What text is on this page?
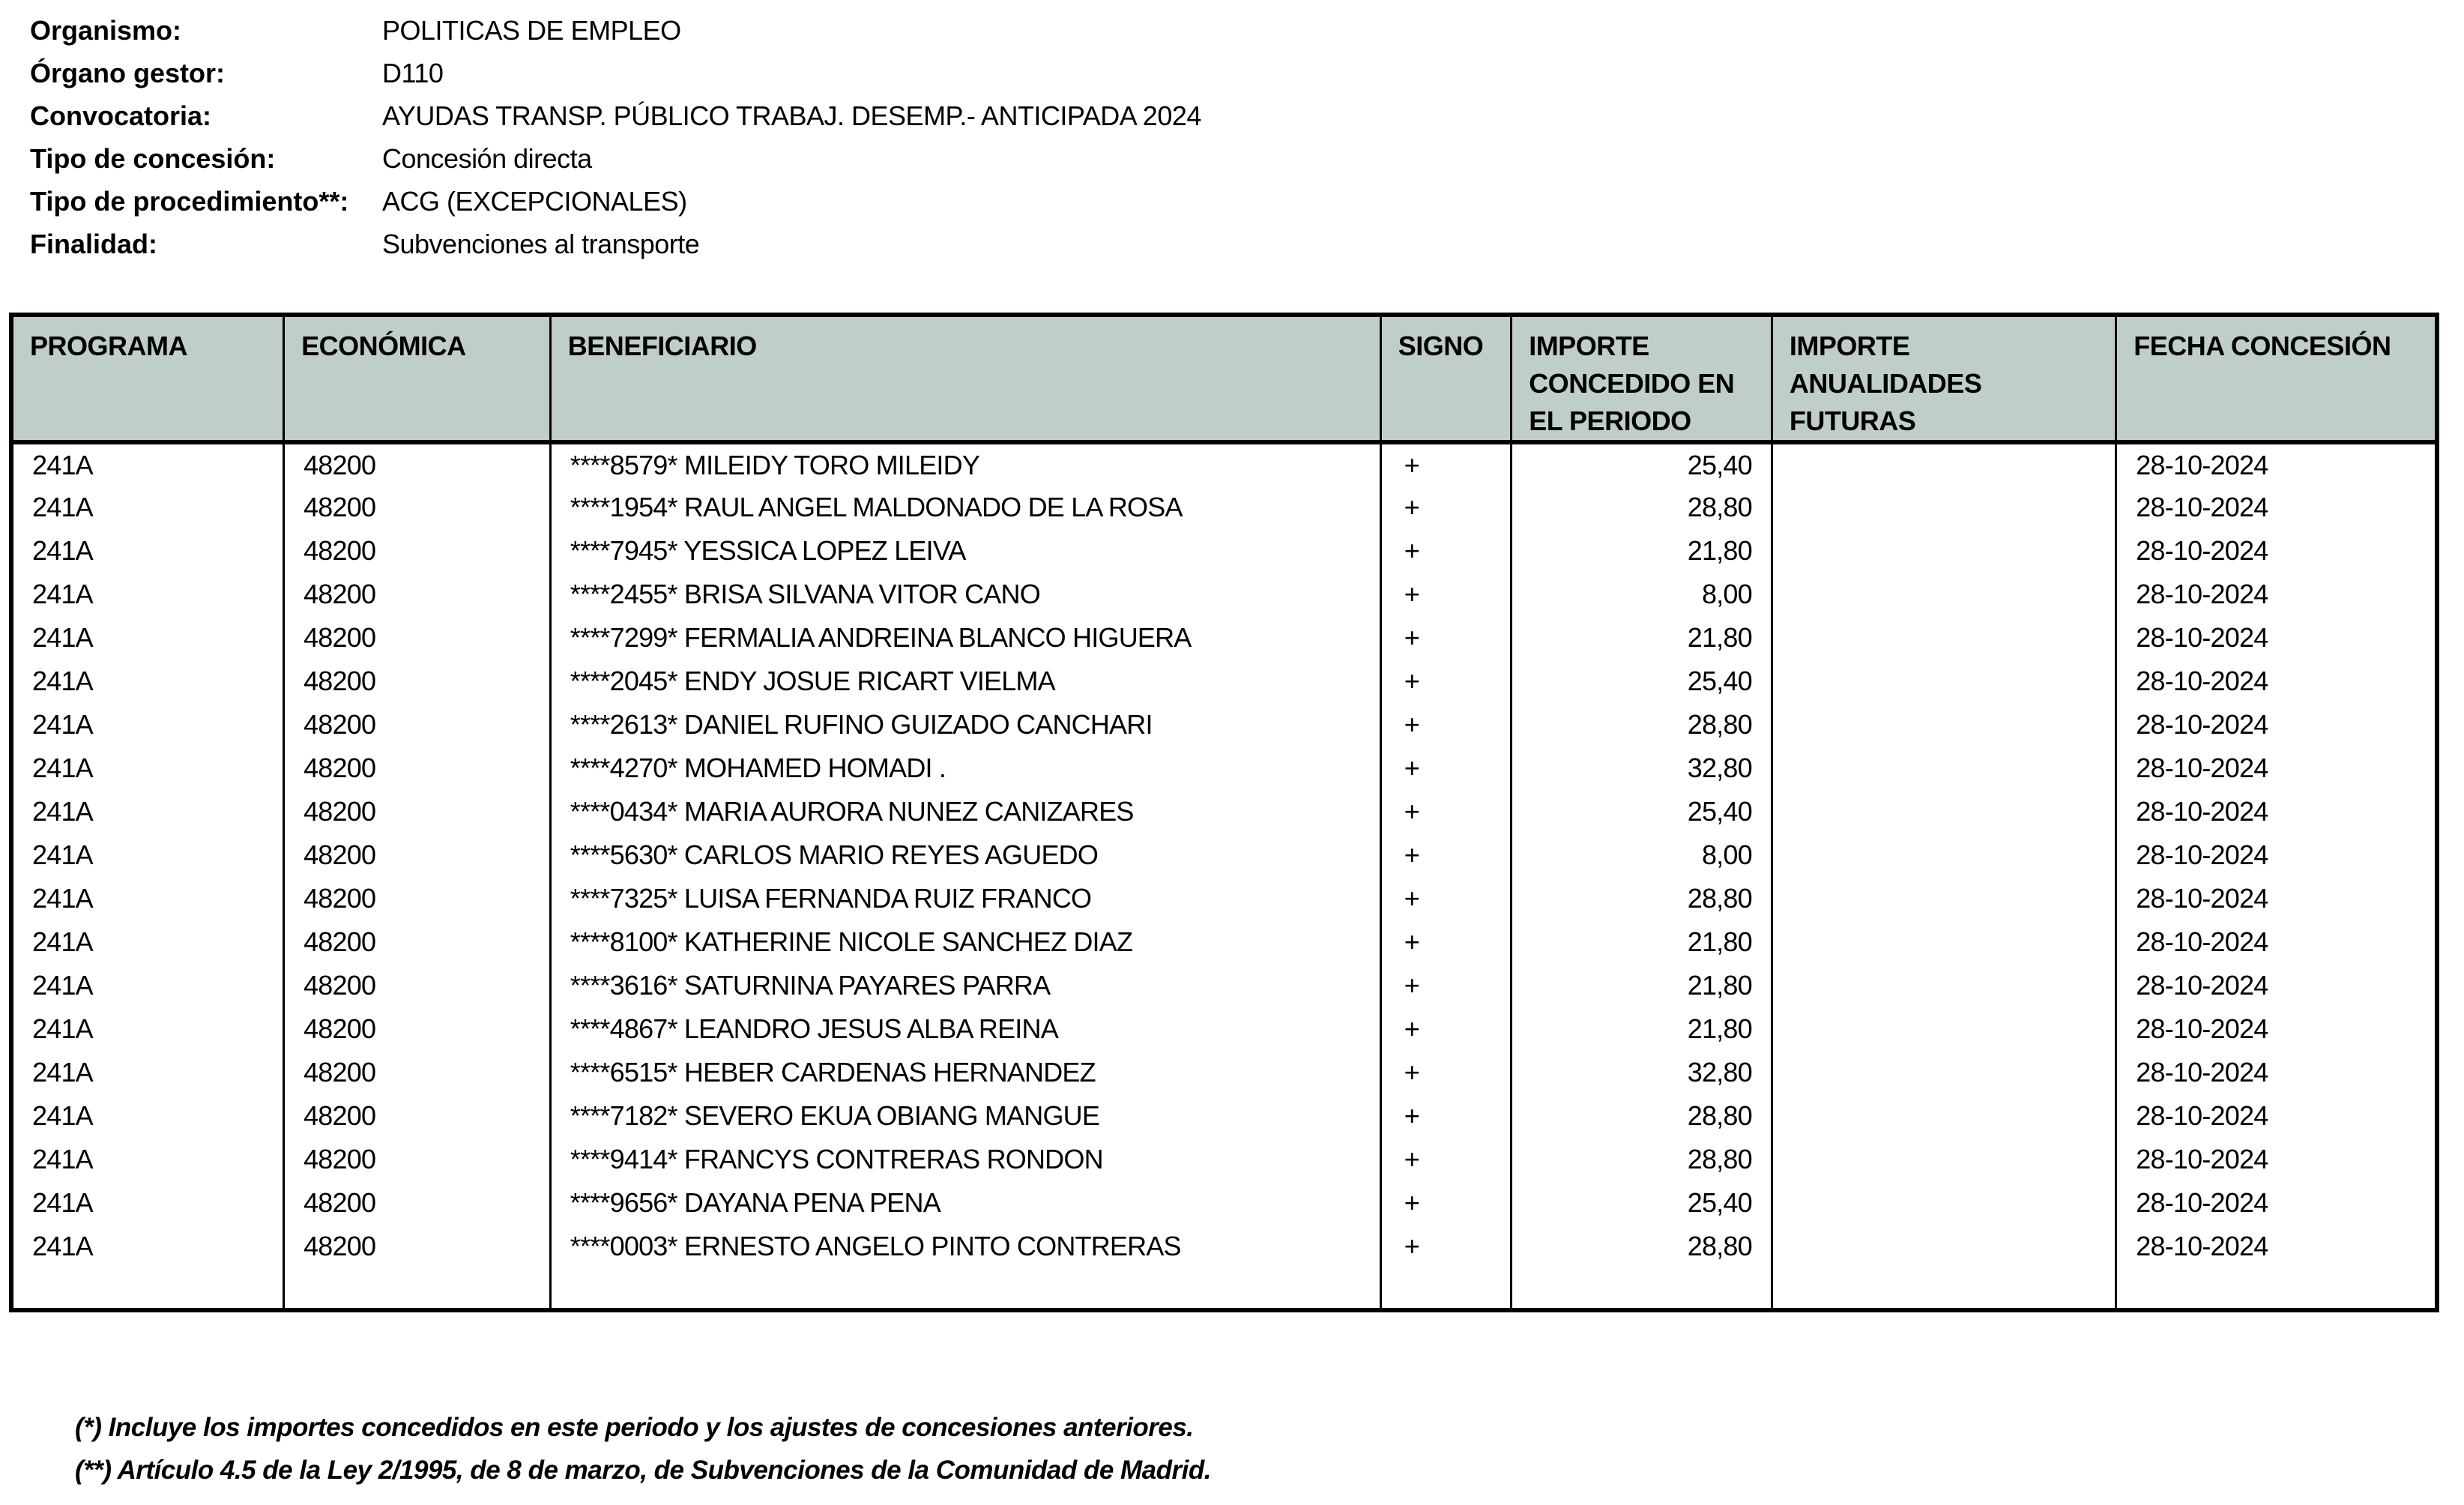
Organismo:	POLITICAS DE EMPLEO
Órgano gestor:	D110
Convocatoria:	AYUDAS TRANSP. PÚBLICO TRABAJ. DESEMP.- ANTICIPADA 2024
Tipo de concesión:	Concesión directa
Tipo de procedimiento**:	ACG (EXCEPCIONALES)
Finalidad:	Subvenciones al transporte
PROGRAMA	ECONÓMICA	BENEFICIARIO	SIGNO	IMPORTE CONCEDIDO EN EL PERIODO	IMPORTE ANUALIDADES FUTURAS	FECHA CONCESIÓN
241A	48200	****8579* MILEIDY TORO MILEIDY	+	25,40		28-10-2024
241A	48200	****1954* RAUL ANGEL MALDONADO DE LA ROSA	+	28,80		28-10-2024
241A	48200	****7945* YESSICA LOPEZ LEIVA	+	21,80		28-10-2024
241A	48200	****2455* BRISA SILVANA VITOR CANO	+	8,00		28-10-2024
241A	48200	****7299* FERMALIA ANDREINA BLANCO HIGUERA	+	21,80		28-10-2024
241A	48200	****2045* ENDY JOSUE RICART VIELMA	+	25,40		28-10-2024
241A	48200	****2613* DANIEL RUFINO GUIZADO CANCHARI	+	28,80		28-10-2024
241A	48200	****4270* MOHAMED HOMADI .	+	32,80		28-10-2024
241A	48200	****0434* MARIA AURORA NUNEZ CANIZARES	+	25,40		28-10-2024
241A	48200	****5630* CARLOS MARIO REYES AGUEDO	+	8,00		28-10-2024
241A	48200	****7325* LUISA FERNANDA RUIZ FRANCO	+	28,80		28-10-2024
241A	48200	****8100* KATHERINE NICOLE SANCHEZ DIAZ	+	21,80		28-10-2024
241A	48200	****3616* SATURNINA PAYARES PARRA	+	21,80		28-10-2024
241A	48200	****4867* LEANDRO JESUS ALBA REINA	+	21,80		28-10-2024
241A	48200	****6515* HEBER CARDENAS HERNANDEZ	+	32,80		28-10-2024
241A	48200	****7182* SEVERO EKUA OBIANG MANGUE	+	28,80		28-10-2024
241A	48200	****9414* FRANCYS CONTRERAS RONDON	+	28,80		28-10-2024
241A	48200	****9656* DAYANA PENA PENA	+	25,40		28-10-2024
241A	48200	****0003* ERNESTO ANGELO PINTO CONTRERAS	+	28,80		28-10-2024

(*) Incluye los importes concedidos en este periodo y los ajustes de concesiones anteriores.
(**) Artículo 4.5 de la Ley 2/1995, de 8 de marzo, de Subvenciones de la Comunidad de Madrid.
